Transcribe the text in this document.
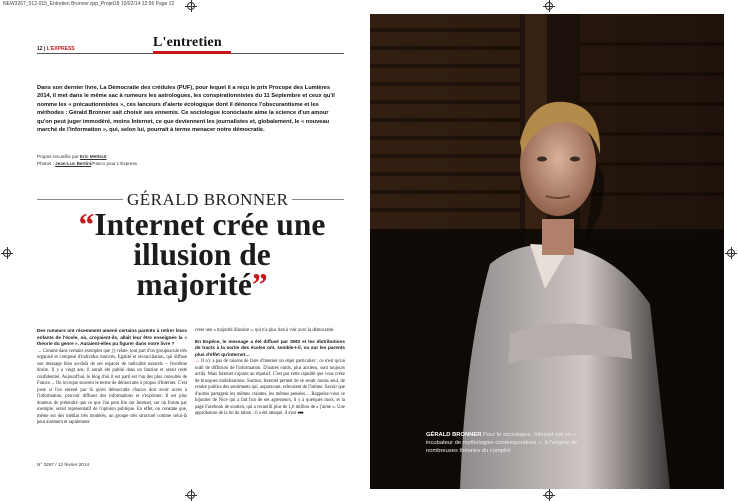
NEW3267_012-015_Entretien Bronner.qxp_Projet18 10/02/14 12:56 Page 12
12 | L'EXPRESS	L'entretien
Dans son dernier livre, La Démocratie des crédules (PUF), pour lequel il a reçu le prix Procope des Lumières 2014, il met dans le même sac à rumeurs les astrologues, les conspirationnistes du 11 Septembre et ceux qu'il nomme les « précautionnistes », ces lanceurs d'alerte écologique dont il dénonce l'obscurantisme et les méthodes : Gérald Bronner sait choisir ses ennemis. Ce sociologue iconoclaste aime la science d'un amour qu'on peut juger immodéré, moins Internet, ce que deviennent les journalistes et, globalement, le « nouveau marché de l'information », qui, selon lui, pourrait à terme menacer notre démocratie.
Propos recueillis par Eric Mettout
Photos : Jean-Luc Bertini/Pasco pour L'Express
GÉRALD BRONNER
“Internet crée une illusion de majorité”
Des rumeurs ont récemment amené certains parents à retirer leurs enfants de l'école, où, croyaient-ils, allait leur être enseignée la « théorie du genre ». Auraient-elles pu figurer dans votre livre ?
→ Comme dans certains exemples que j'y relate, tout part d'un groupuscule très organisé et composé d'individus motivés, Egalité et réconciliation, qui diffuse son message bien au-delà de ses espaces de radicalité naturels – l'extrême droite. Il y a vingt ans, il aurait été publié dans un fanzine et serait resté confidentiel. Aujourd'hui, le blog d'où il est parti est l'un des plus consultés de France… On invoque souvent le terme de démocratie à propos d'Internet. C'est juste si l'on entend par là qu'en démocratie chacun doit avoir accès à l'information, pouvoir diffuser des informations et s'exprimer. Il est plus douteux de prétendre que ce que l'on peut lire sur Internet, sur un forum par exemple, serait représentatif de l'opinion publique. En effet, on constate que, même sur des médias très modérés, un groupe très structuré comme celui-là peut aisément et rapidement
créer une « majorité illusoire », qui n'a plus rien à voir avec la démocratie.
En Espéce, le message a été diffusé par SMS et les distributions de tracts à la sortie des écoles ont, semble-t-il, vu sur les parents plus d'effet qu'internet…
→ Il n'y a pas de raisons de faire d'Internet un objet particulier : ce n'est qu'un outil de diffusion de l'information. D'autres outils, plus anciens, sont toujours actifs. Mais Internet s'ajoute au répulsif. C'est par cette rapidité que vous créez de brusques mobilisations. Surtout, Internet permet de se sentir moins seul, de rendre publics des sentiments qui, auparavant, relevaient de l'intime. Savoir que d'autres partagent les mêmes craintes, les mêmes pensées… Rappelez-vous ce bijoutier de Nice qui a fait l'un de ses agresseurs, il y a quelques mois, et la page Facebook de soutien, qui a recueilli plus de 1,6 million de « j'aime ». Une approbation de la loi du talion : il a été attaqué, il s'est ●●●
N° 3267 / 12 février 2014
GÉRALD BRONNER Pour le sociologue, Internet est un « incubateur de mythologies contemporaines », à l'origine de nombreuses théories du complot.
